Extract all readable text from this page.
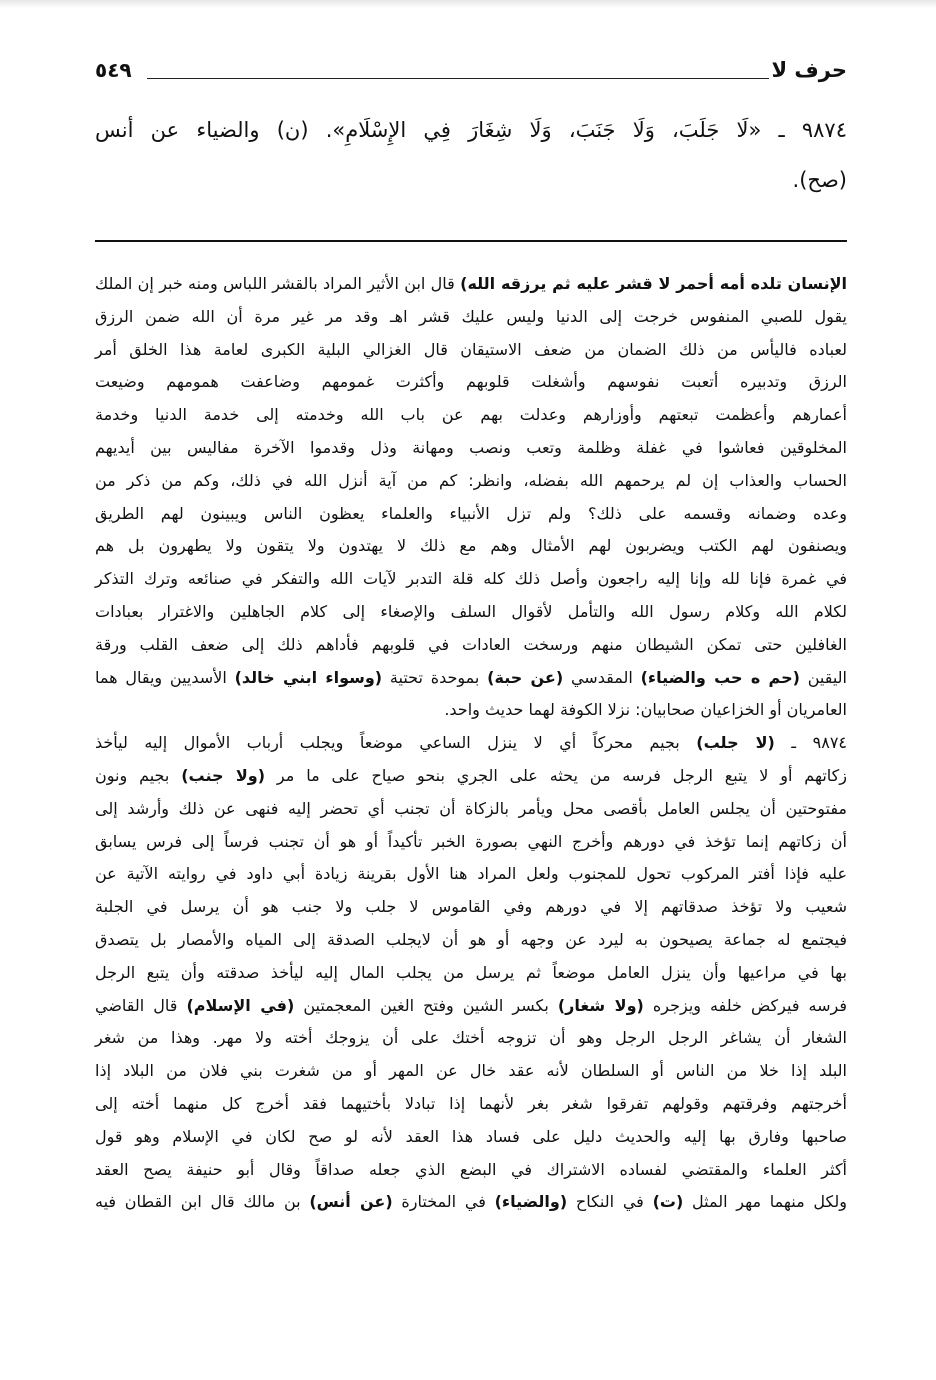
حرف لا
٥٤٩
٩٨٧٤ ـ «لَا جَلَبَ، وَلَا جَنَبَ، وَلَا شِغَارَ فِي الإِسْلَامِ». (ن) والضياء عن أنس
(صح).
الإنسان تلده أمه أحمر لا قشر عليه ثم يرزقه الله) قال ابن الأثير المراد بالقشر اللباس ومنه خبر إن الملك
يقول للصبي المنفوس خرجت إلى الدنيا وليس عليك قشر اهـ وقد مر غير مرة أن الله ضمن الرزق
لعباده فاليأس من ذلك الضمان من ضعف الاستيقان قال الغزالي البلية الكبرى لعامة هذا الخلق أمر
الرزق وتدبيره أتعبت نفوسهم وأشغلت قلوبهم وأكثرت غمومهم وضاعفت همومهم وضيعت
أعمارهم وأعظمت تبعتهم وأوزارهم وعدلت بهم عن باب الله وخدمته إلى خدمة الدنيا وخدمة
المخلوقين فعاشوا في غفلة وظلمة وتعب ونصب ومهانة وذل وقدموا الآخرة مفاليس بين أيديهم
الحساب والعذاب إن لم يرحمهم الله بفضله، وانظر: كم من آية أنزل الله في ذلك، وكم من ذكر من
وعده وضمانه وقسمه على ذلك؟ ولم تزل الأنبياء والعلماء يعظون الناس ويبينون لهم الطريق
ويصنفون لهم الكتب ويضربون لهم الأمثال وهم مع ذلك لا يهتدون ولا يتقون ولا يطهرون بل هم
في غمرة فإنا لله وإنا إليه راجعون وأصل ذلك كله قلة التدبر لآيات الله والتفكر في صنائعه وترك التذكر
لكلام الله وكلام رسول الله والتأمل لأقوال السلف والإصغاء إلى كلام الجاهلين والاغترار بعبادات
الغافلين حتى تمكن الشيطان منهم ورسخت العادات في قلوبهم فأداهم ذلك إلى ضعف القلب ورقة
اليقين (حم ه حب والضياء) المقدسي (عن حبة) بموحدة تحتية (وسواء ابني خالد) الأسديين ويقال هما
العامريان أو الخزاعيان صحابيان: نزلا الكوفة لهما حديث واحد.
٩٨٧٤ ـ (لا جلب) بجيم محركاً أي لا ينزل الساعي موضعاً ويجلب أرباب الأموال إليه ليأخذ
زكاتهم أو لا يتبع الرجل فرسه من يحثه على الجري بنحو صياح على ما مر (ولا جنب) بجيم ونون
مفتوحتين أن يجلس العامل بأقصى محل ويأمر بالزكاة أن تجنب أي تحضر إليه فنهى عن ذلك وأرشد إلى
أن زكاتهم إنما تؤخذ في دورهم وأخرج النهي بصورة الخبر تأكيداً أو هو أن تجنب فرساً إلى فرس يسابق
عليه فإذا أفتر المركوب تحول للمجنوب ولعل المراد هنا الأول بقرينة زيادة أبي داود في روايته الآتية عن
شعيب ولا تؤخذ صدقاتهم إلا في دورهم وفي القاموس لا جلب ولا جنب هو أن يرسل في الجلبة
فيجتمع له جماعة يصيحون به ليرد عن وجهه أو هو أن لايجلب الصدقة إلى المياه والأمصار بل يتصدق
بها في مراعيها وأن ينزل العامل موضعاً ثم يرسل من يجلب المال إليه ليأخذ صدقته وأن يتبع الرجل
فرسه فيركض خلفه ويزجره (ولا شغار) بكسر الشين وفتح الغين المعجمتين (في الإسلام) قال القاضي
الشغار أن يشاغر الرجل الرجل وهو أن تزوجه أختك على أن يزوجك أخته ولا مهر. وهذا من شغر
البلد إذا خلا من الناس أو السلطان لأنه عقد خال عن المهر أو من شغرت بني فلان من البلاد إذا
أخرجتهم وفرقتهم وقولهم تفرقوا شغر بغر لأنهما إذا تبادلا بأختيهما فقد أخرج كل منهما أخته إلى
صاحبها وفارق بها إليه والحديث دليل على فساد هذا العقد لأنه لو صح لكان في الإسلام وهو قول
أكثر العلماء والمقتضي لفساده الاشتراك في البضع الذي جعله صداقاً وقال أبو حنيفة يصح العقد
ولكل منهما مهر المثل (ت) في النكاح (والضياء) في المختارة (عن أنس) بن مالك قال ابن القطان فيه
